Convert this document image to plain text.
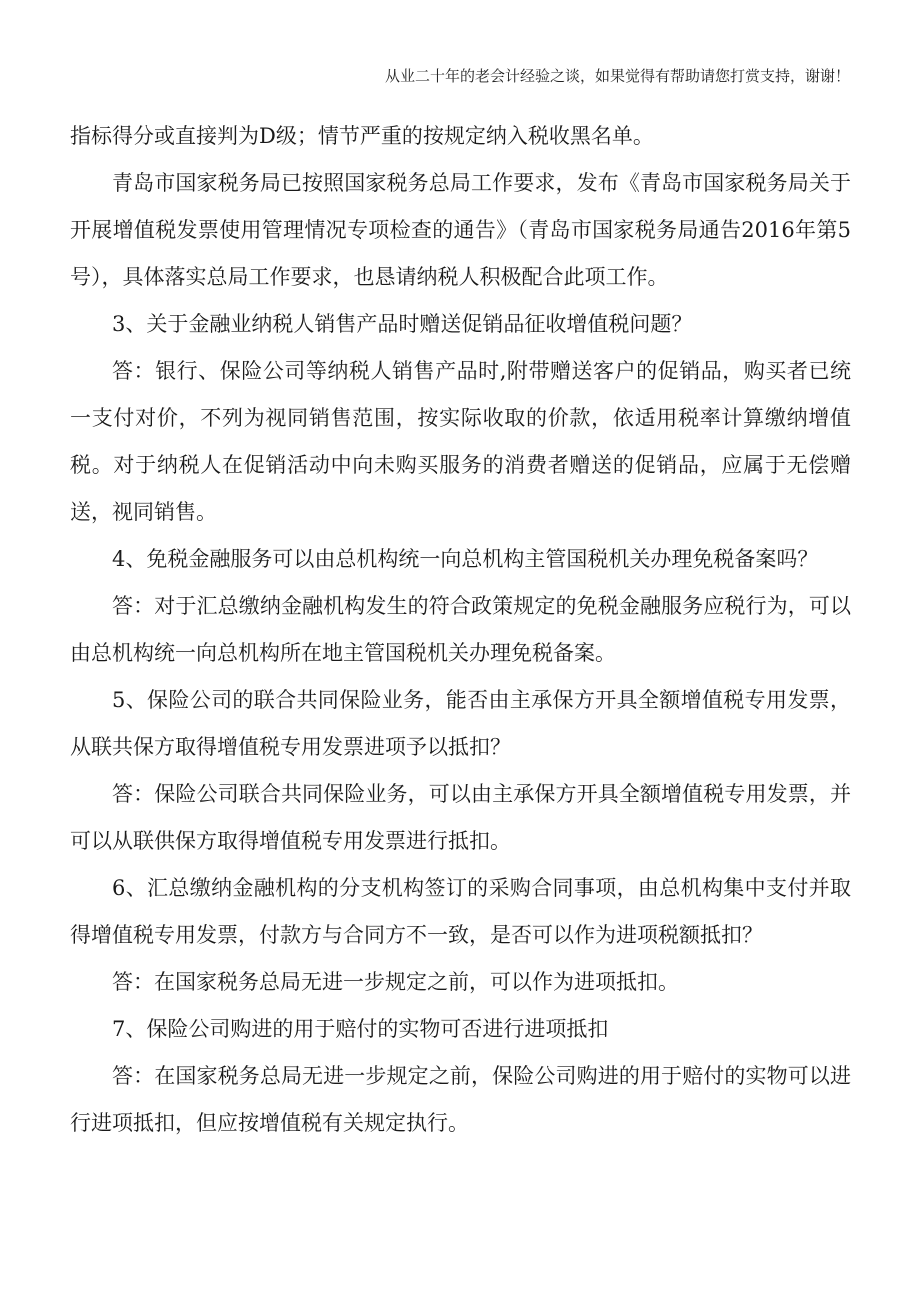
从业二十年的老会计经验之谈，如果觉得有帮助请您打赏支持，谢谢！

指标得分或直接判为D级；情节严重的按规定纳入税收黑名单。

青岛市国家税务局已按照国家税务总局工作要求，发布《青岛市国家税务局关于开展增值税发票使用管理情况专项检查的通告》（青岛市国家税务局通告2016年第5号），具体落实总局工作要求，也恳请纳税人积极配合此项工作。

3、关于金融业纳税人销售产品时赠送促销品征收增值税问题？

答：银行、保险公司等纳税人销售产品时,附带赠送客户的促销品，购买者已统一支付对价，不列为视同销售范围，按实际收取的价款，依适用税率计算缴纳增值税。对于纳税人在促销活动中向未购买服务的消费者赠送的促销品，应属于无偿赠送，视同销售。

4、免税金融服务可以由总机构统一向总机构主管国税机关办理免税备案吗？

答：对于汇总缴纳金融机构发生的符合政策规定的免税金融服务应税行为，可以由总机构统一向总机构所在地主管国税机关办理免税备案。

5、保险公司的联合共同保险业务，能否由主承保方开具全额增值税专用发票，从联共保方取得增值税专用发票进项予以抵扣？

答：保险公司联合共同保险业务，可以由主承保方开具全额增值税专用发票，并可以从联供保方取得增值税专用发票进行抵扣。

6、汇总缴纳金融机构的分支机构签订的采购合同事项，由总机构集中支付并取得增值税专用发票，付款方与合同方不一致，是否可以作为进项税额抵扣？

答：在国家税务总局无进一步规定之前，可以作为进项抵扣。

7、保险公司购进的用于赔付的实物可否进行进项抵扣

答：在国家税务总局无进一步规定之前，保险公司购进的用于赔付的实物可以进行进项抵扣，但应按增值税有关规定执行。
